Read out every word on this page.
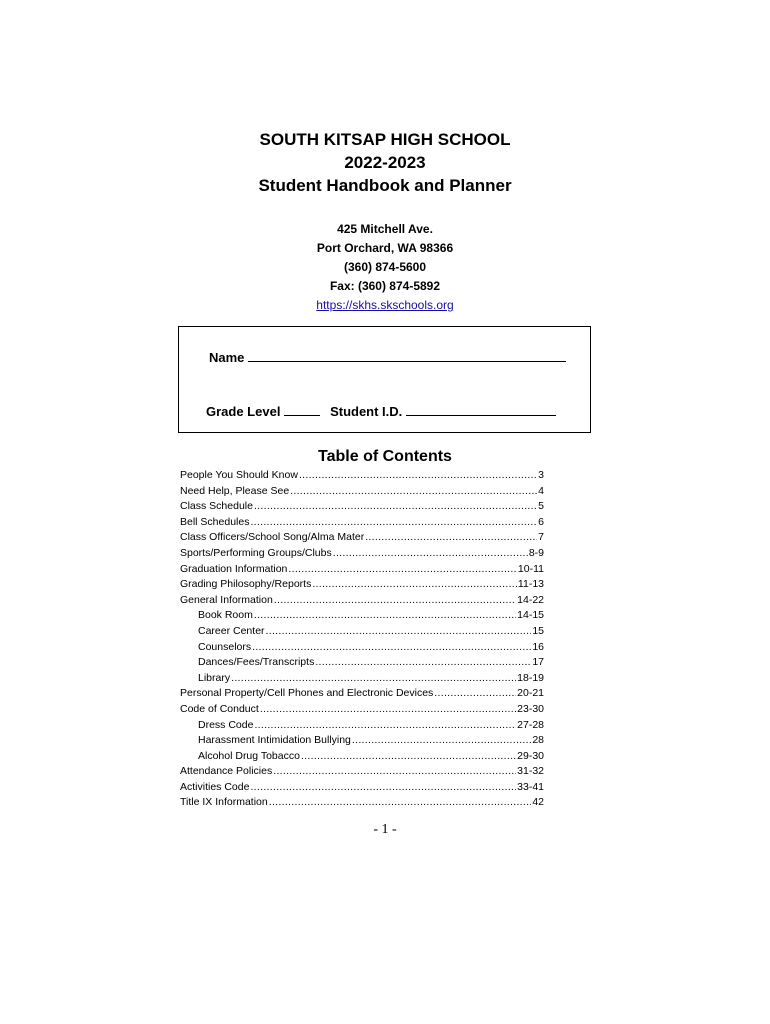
SOUTH KITSAP HIGH SCHOOL
2022-2023
Student Handbook and Planner
425 Mitchell Ave.
Port Orchard, WA 98366
(360) 874-5600
Fax: (360) 874-5892
https://skhs.skschools.org
Name
Grade Level	Student I.D.
Table of Contents
People You Should Know .....	3
Need Help, Please See .....	4
Class Schedule .....	5
Bell Schedules .....	6
Class Officers/School Song/Alma Mater .....	7
Sports/Performing Groups/Clubs .....	8-9
Graduation Information .....	10-11
Grading Philosophy/Reports .....	11-13
General Information .....	14-22
Book Room .....	14-15
Career Center .....	15
Counselors .....	16
Dances/Fees/Transcripts .....	17
Library .....	18-19
Personal Property/Cell Phones and Electronic Devices .....	20-21
Code of Conduct .....	23-30
Dress Code .....	27-28
Harassment Intimidation Bullying .....	28
Alcohol Drug Tobacco .....	29-30
Attendance Policies .....	31-32
Activities Code .....	33-41
Title IX Information .....	42
- 1 -
